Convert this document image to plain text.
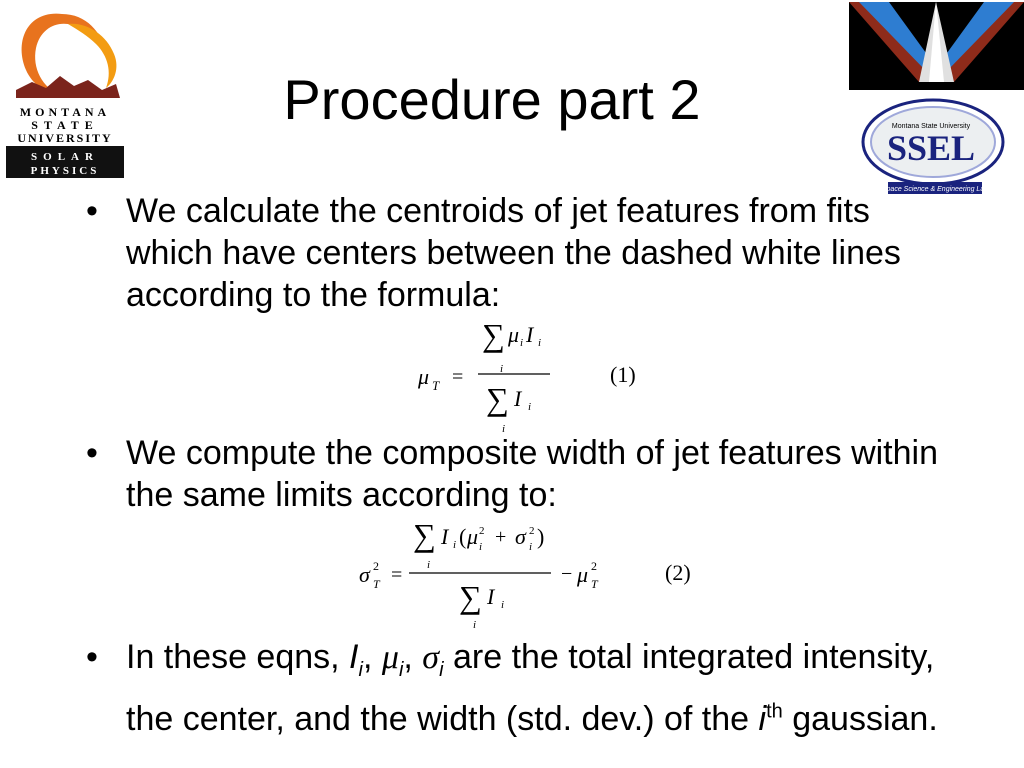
MONTANA
STATE
UNIVERSITY
SOLAR
PHYSICS
Montana State University
SSEL
Space Science & Engineering Lab
Procedure part 2
• We calculate the centroids of jet features from fits which have centers between the dashed white lines according to the formula:
• We compute the composite width of jet features within the same limits according to:
• In these eqns, $I_i$, $\mu_i$, $\sigma_i$ are the total integrated intensity, the center, and the width (std. dev.) of the $i^{th}$ gaussian.
μ T =
∑
i
μ i I i
∑
i
I i
(1)
σ 2
T =
∑
i
I i ( μ 2
i + σ 2
i )
∑
i
I i
− μ 2
T	(2)
